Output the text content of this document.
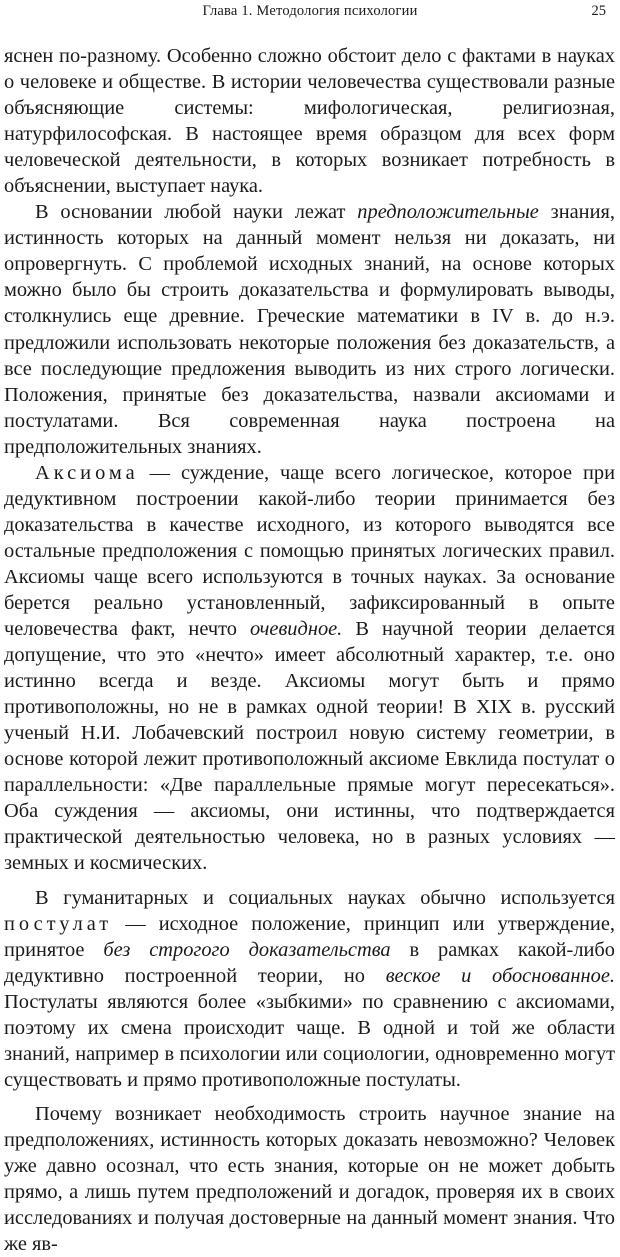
Глава 1. Методология психологии	25

яснен по-разному. Особенно сложно обстоит дело с фактами в науках о человеке и обществе. В истории человечества существовали разные объясняющие системы: мифологическая, религиозная, натурфилософская. В настоящее время образцом для всех форм человеческой деятельности, в которых возникает потребность в объяснении, выступает наука.

В основании любой науки лежат предположительные знания, истинность которых на данный момент нельзя ни доказать, ни опровергнуть. С проблемой исходных знаний, на основе которых можно было бы строить доказательства и формулировать выводы, столкнулись еще древние. Греческие математики в IV в. до н.э. предложили использовать некоторые положения без доказательств, а все последующие предложения выводить из них строго логически. Положения, принятые без доказательства, назвали аксиомами и постулатами. Вся современная наука построена на предположительных знаниях.

Аксиома — суждение, чаще всего логическое, которое при дедуктивном построении какой-либо теории принимается без доказательства в качестве исходного, из которого выводятся все остальные предположения с помощью принятых логических правил. Аксиомы чаще всего используются в точных науках. За основание берется реально установленный, зафиксированный в опыте человечества факт, нечто очевидное. В научной теории делается допущение, что это «нечто» имеет абсолютный характер, т.е. оно истинно всегда и везде. Аксиомы могут быть и прямо противоположны, но не в рамках одной теории! В XIX в. русский ученый Н.И. Лобачевский построил новую систему геометрии, в основе которой лежит противоположный аксиоме Евклида постулат о параллельности: «Две параллельные прямые могут пересекаться». Оба суждения — аксиомы, они истинны, что подтверждается практической деятельностью человека, но в разных условиях — земных и космических.

В гуманитарных и социальных науках обычно используется постулат — исходное положение, принцип или утверждение, принятое без строгого доказательства в рамках какой-либо дедуктивно построенной теории, но веское и обоснованное. Постулаты являются более «зыбкими» по сравнению с аксиомами, поэтому их смена происходит чаще. В одной и той же области знаний, например в психологии или социологии, одновременно могут существовать и прямо противоположные постулаты.

Почему возникает необходимость строить научное знание на предположениях, истинность которых доказать невозможно? Человек уже давно осознал, что есть знания, которые он не может добыть прямо, а лишь путем предположений и догадок, проверяя их в своих исследованиях и получая достоверные на данный момент знания. Что же яв-
